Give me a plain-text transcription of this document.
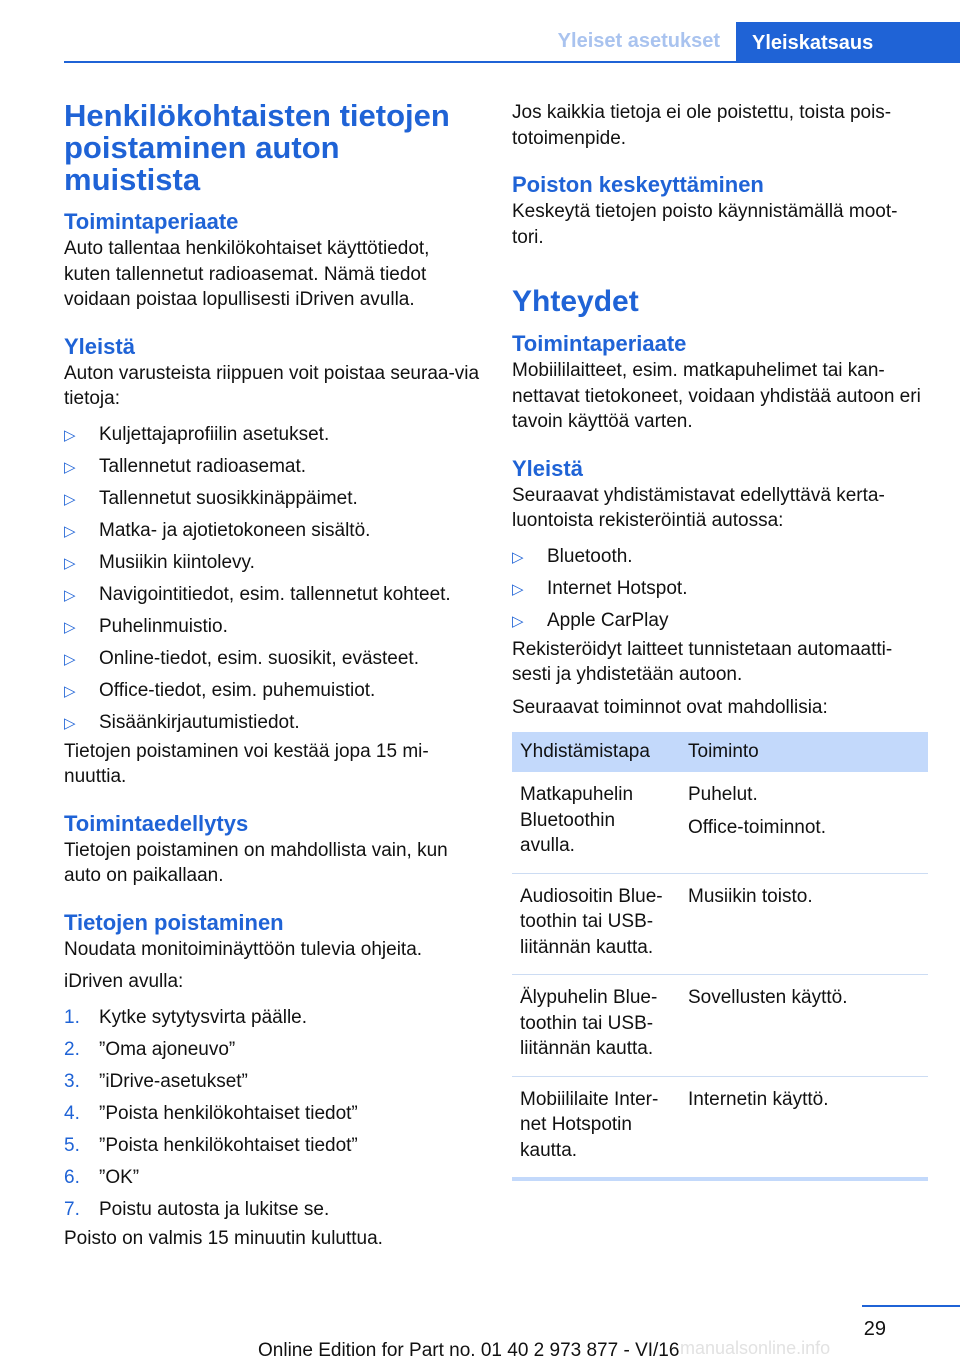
Yleiset asetukset	Yleiskatsaus
Henkilökohtaisten tietojen poistaminen auton muistista
Toimintaperiaate

Auto tallentaa henkilökohtaiset käyttötiedot, kuten tallennetut radioasemat. Nämä tiedot voidaan poistaa lopullisesti iDriven avulla.

Yleistä

Auton varusteista riippuen voit poistaa seuraa-via tietoja:

▷ Kuljettajaprofiilin asetukset.
▷ Tallennetut radioasemat.
▷ Tallennetut suosikkinäppäimet.
▷ Matka- ja ajotietokoneen sisältö.
▷ Musiikin kiintolevy.
▷ Navigointitiedot, esim. tallennetut kohteet.
▷ Puhelinmuistio.
▷ Online-tiedot, esim. suosikit, evästeet.
▷ Office-tiedot, esim. puhemuistiot.
▷ Sisäänkirjautumistiedot.

Tietojen poistaminen voi kestää jopa 15 mi-nuuttia.

Toimintaedellytys

Tietojen poistaminen on mahdollista vain, kun auto on paikallaan.

Tietojen poistaminen

Noudata monitoiminäyttöön tulevia ohjeita.

iDriven avulla:

1. Kytke sytytysvirta päälle.
2. ”Oma ajoneuvo”
3. ”iDrive-asetukset”
4. ”Poista henkilökohtaiset tiedot”
5. ”Poista henkilökohtaiset tiedot”
6. ”OK”
7. Poistu autosta ja lukitse se.

Poisto on valmis 15 minuutin kuluttua.

Jos kaikkia tietoja ei ole poistettu, toista pois-totoimenpide.

Poiston keskeyttäminen

Keskeytä tietojen poisto käynnistämällä moot-tori.

Yhteydet
Toimintaperiaate

Mobiililaitteet, esim. matkapuhelimet tai kan-nettavat tietokoneet, voidaan yhdistää autoon eri tavoin käyttöä varten.

Yleistä

Seuraavat yhdistämistavat edellyttävä kerta-luontoista rekisteröintiä autossa:

▷ Bluetooth.
▷ Internet Hotspot.
▷ Apple CarPlay

Rekisteröidyt laitteet tunnistetaan automaatti-sesti ja yhdistetään autoon.

Seuraavat toiminnot ovat mahdollisia:

Yhdistämistapa	Toiminto
Matkapuhelin Bluetoothin avulla.	Puhelut.

Office-toiminnot.

Audiosoitin Blue-toothin tai USB-liitännän kautta.	Musiikin toisto.

Älypuhelin Blue-toothin tai USB-liitännän kautta.	Sovellusten käyttö.

Mobiililaite Inter-net Hotspotin kautta.	Internetin käyttö.

29
Online Edition for Part no. 01 40 2 973 877 - VI/16 manualsonline.info
